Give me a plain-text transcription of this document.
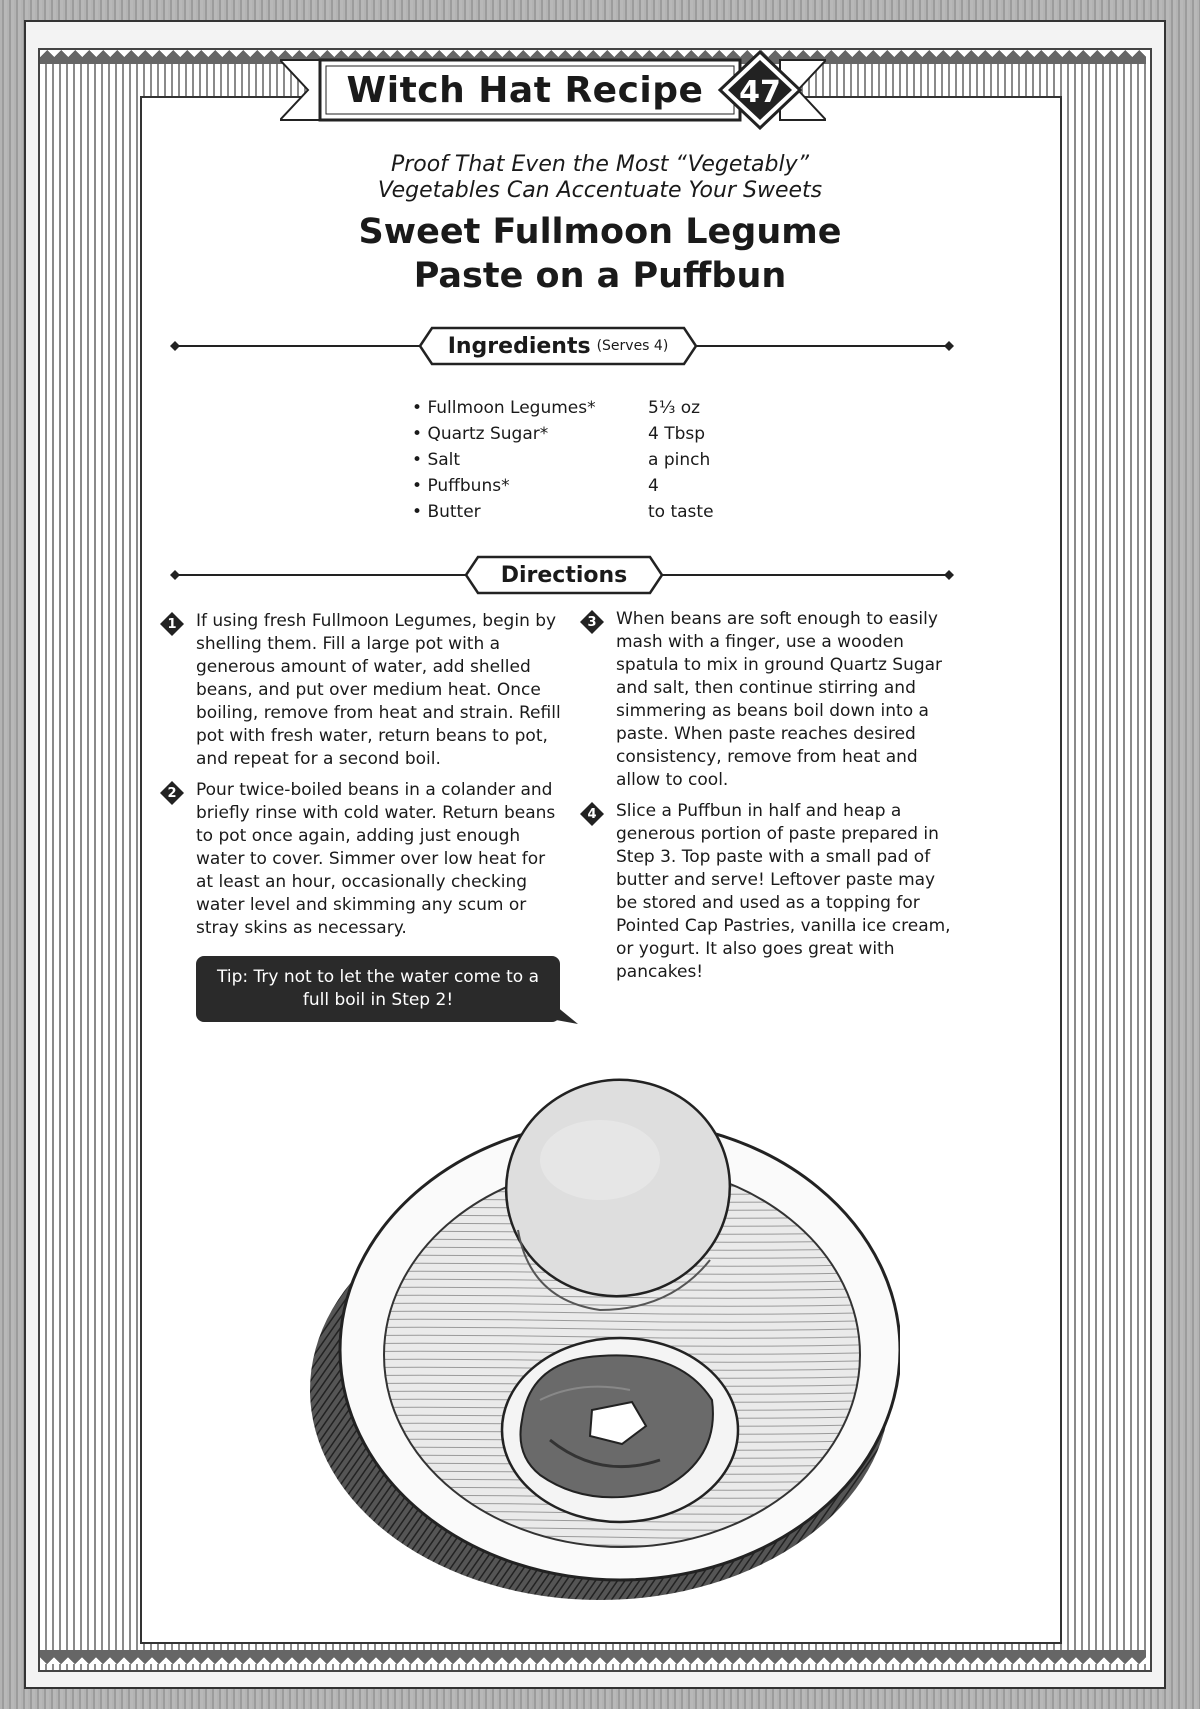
Witch Hat Recipe	47
Proof That Even the Most “Vegetably”
Vegetables Can Accentuate Your Sweets
Sweet Fullmoon Legume
Paste on a Puffbun
Ingredients (Serves 4)
• Fullmoon Legumes*	5⅓ oz
• Quartz Sugar*	4 Tbsp
• Salt	a pinch
• Puffbuns*	4
• Butter	to taste
Directions
1	If using fresh Fullmoon Legumes, begin by shelling them. Fill a large pot with a generous amount of water, add shelled beans, and put over medium heat. Once boiling, remove from heat and strain. Refill pot with fresh water, return beans to pot, and repeat for a second boil.
2	Pour twice-boiled beans in a colander and briefly rinse with cold water. Return beans to pot once again, adding just enough water to cover. Simmer over low heat for at least an hour, occasionally checking water level and skimming any scum or stray skins as necessary.
3	When beans are soft enough to easily mash with a finger, use a wooden spatula to mix in ground Quartz Sugar and salt, then continue stirring and simmering as beans boil down into a paste. When paste reaches desired consistency, remove from heat and allow to cool.
4	Slice a Puffbun in half and heap a generous portion of paste prepared in Step 3. Top paste with a small pad of butter and serve! Leftover paste may be stored and used as a topping for Pointed Cap Pastries, vanilla ice cream, or yogurt. It also goes great with pancakes!
Tip: Try not to let the water come to a full boil in Step 2!
